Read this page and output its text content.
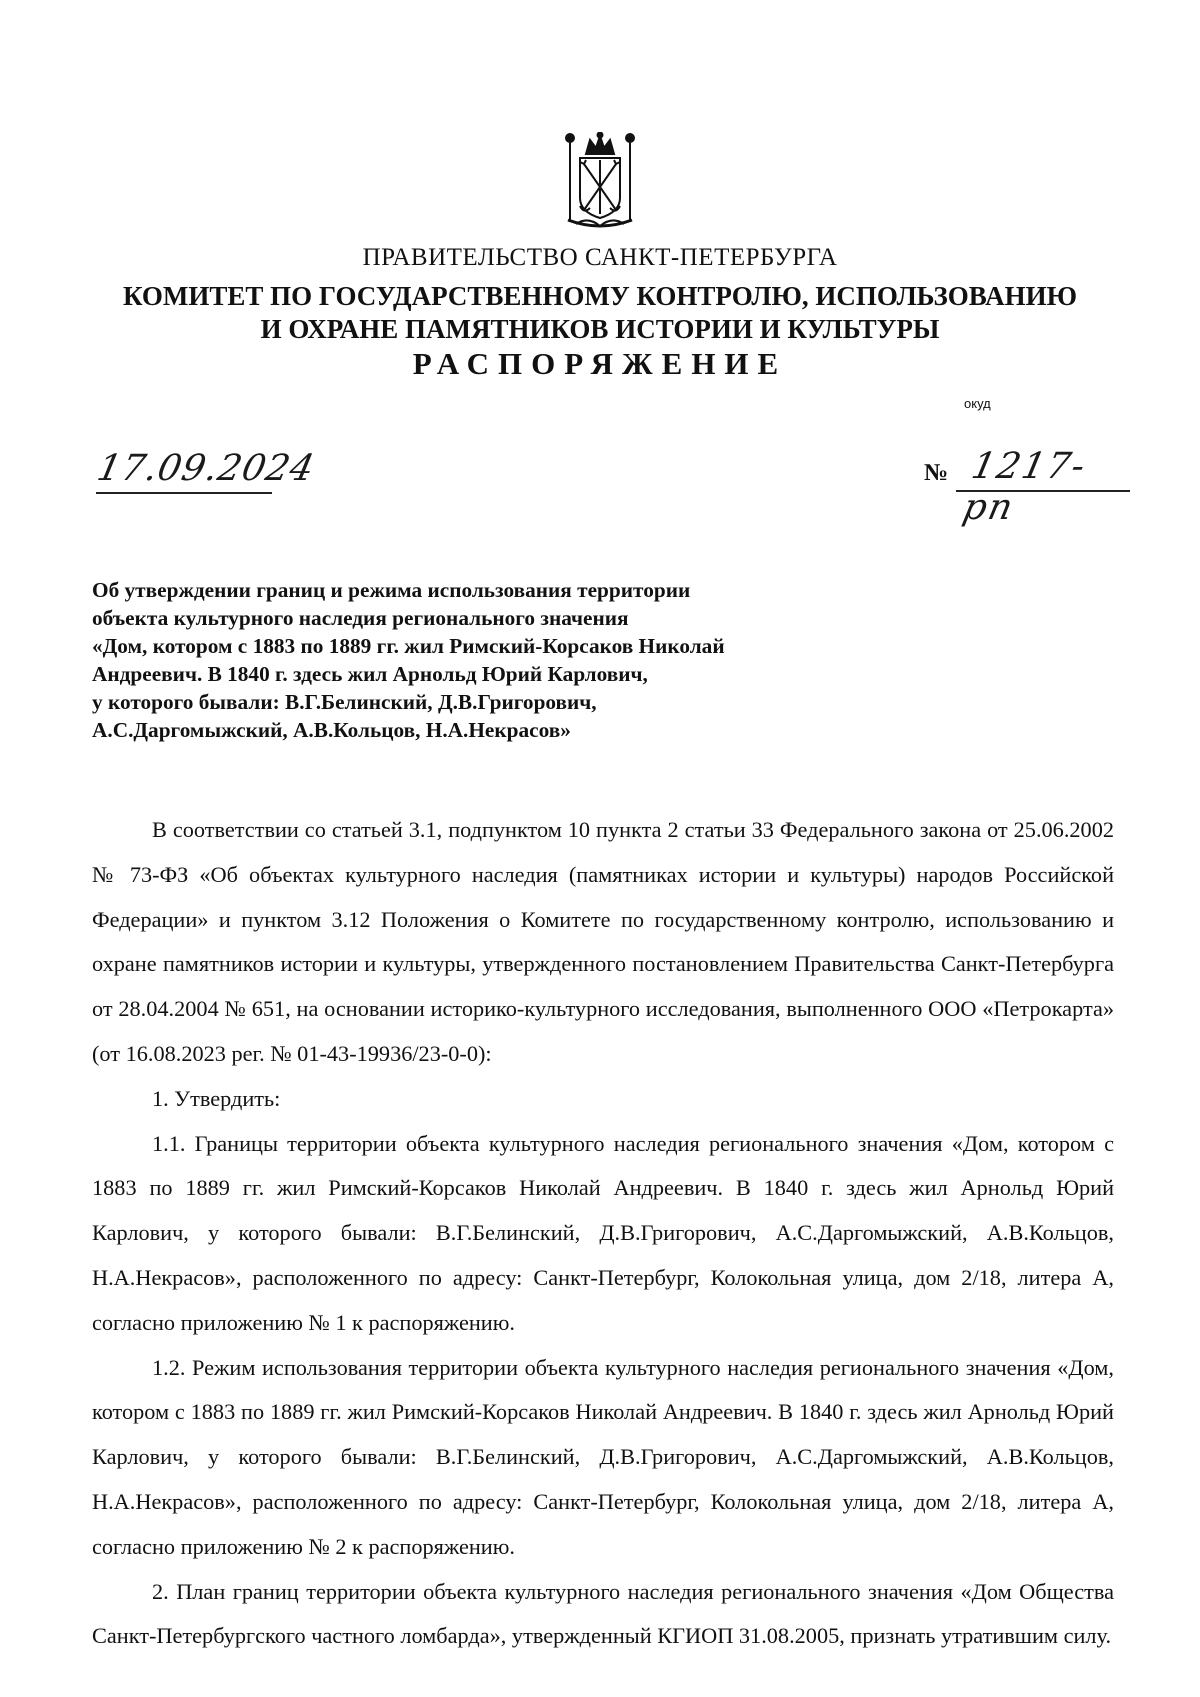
ПРАВИТЕЛЬСТВО САНКТ-ПЕТЕРБУРГА
КОМИТЕТ ПО ГОСУДАРСТВЕННОМУ КОНТРОЛЮ, ИСПОЛЬЗОВАНИЮ
И ОХРАНЕ ПАМЯТНИКОВ ИСТОРИИ И КУЛЬТУРЫ
РАСПОРЯЖЕНИЕ
окуд
17.09.2024	№ 1217-рп
Об утверждении границ и режима использования территории
объекта культурного наследия регионального значения
«Дом, котором с 1883 по 1889 гг. жил Римский-Корсаков Николай
Андреевич. В 1840 г. здесь жил Арнольд Юрий Карлович,
у которого бывали: В.Г.Белинский, Д.В.Григорович,
А.С.Даргомыжский, А.В.Кольцов, Н.А.Некрасов»

В соответствии со статьей 3.1, подпунктом 10 пункта 2 статьи 33 Федерального закона от 25.06.2002 № 73-ФЗ «Об объектах культурного наследия (памятниках истории и культуры) народов Российской Федерации» и пунктом 3.12 Положения о Комитете по государственному контролю, использованию и охране памятников истории и культуры, утвержденного постановлением Правительства Санкт-Петербурга от 28.04.2004 № 651, на основании историко-культурного исследования, выполненного ООО «Петрокарта» (от 16.08.2023 рег. № 01-43-19936/23-0-0):

1. Утвердить:

1.1. Границы территории объекта культурного наследия регионального значения «Дом, котором с 1883 по 1889 гг. жил Римский-Корсаков Николай Андреевич. В 1840 г. здесь жил Арнольд Юрий Карлович, у которого бывали: В.Г.Белинский, Д.В.Григорович, А.С.Даргомыжский, А.В.Кольцов, Н.А.Некрасов», расположенного по адресу: Санкт-Петербург, Колокольная улица, дом 2/18, литера А, согласно приложению № 1 к распоряжению.

1.2. Режим использования территории объекта культурного наследия регионального значения «Дом, котором с 1883 по 1889 гг. жил Римский-Корсаков Николай Андреевич. В 1840 г. здесь жил Арнольд Юрий Карлович, у которого бывали: В.Г.Белинский, Д.В.Григорович, А.С.Даргомыжский, А.В.Кольцов, Н.А.Некрасов», расположенного по адресу: Санкт-Петербург, Колокольная улица, дом 2/18, литера А, согласно приложению № 2 к распоряжению.

2. План границ территории объекта культурного наследия регионального значения «Дом Общества Санкт-Петербургского частного ломбарда», утвержденный КГИОП 31.08.2005, признать утратившим силу.
